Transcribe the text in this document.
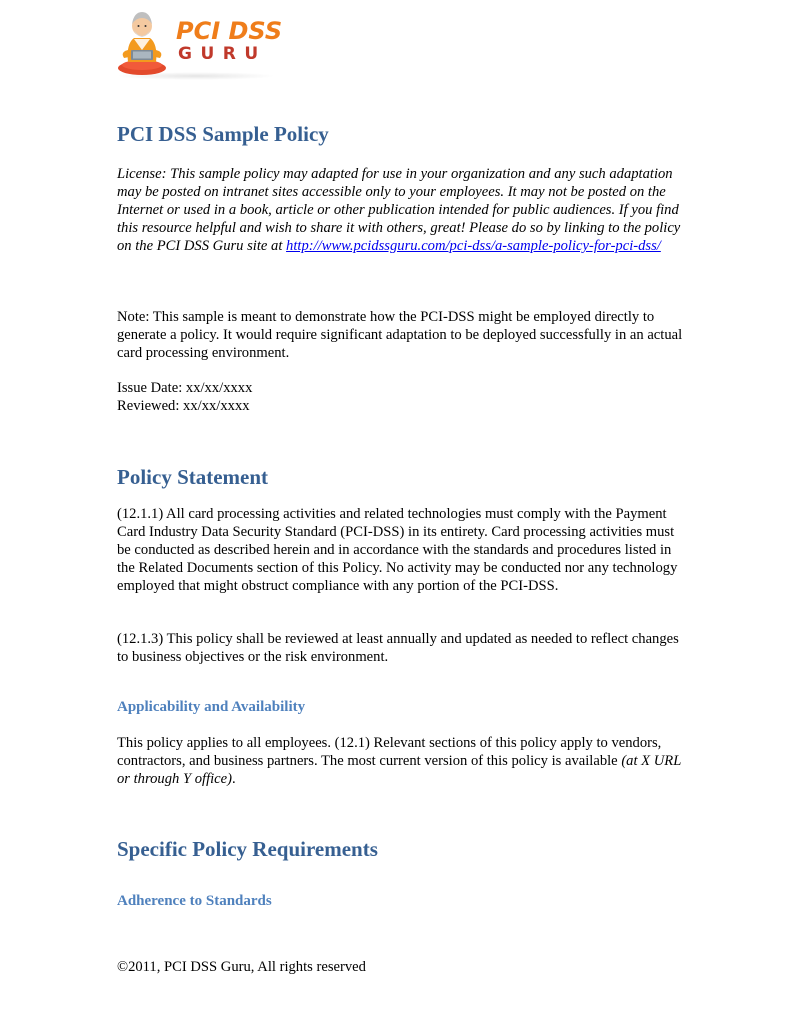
PCI DSS
GURU
PCI DSS Sample Policy

License: This sample policy may adapted for use in your organization and any such adaptation may be posted on intranet sites accessible only to your employees. It may not be posted on the Internet or used in a book, article or other publication intended for public audiences. If you find this resource helpful and wish to share it with others, great! Please do so by linking to the policy on the PCI DSS Guru site at http://www.pcidssguru.com/pci-dss/a-sample-policy-for-pci-dss/

Note: This sample is meant to demonstrate how the PCI-DSS might be employed directly to generate a policy. It would require significant adaptation to be deployed successfully in an actual card processing environment.

Issue Date: xx/xx/xxxx

Reviewed: xx/xx/xxxx

Policy Statement

(12.1.1) All card processing activities and related technologies must comply with the Payment Card Industry Data Security Standard (PCI-DSS) in its entirety. Card processing activities must be conducted as described herein and in accordance with the standards and procedures listed in the Related Documents section of this Policy. No activity may be conducted nor any technology employed that might obstruct compliance with any portion of the PCI-DSS.

(12.1.3) This policy shall be reviewed at least annually and updated as needed to reflect changes to business objectives or the risk environment.

Applicability and Availability

This policy applies to all employees. (12.1) Relevant sections of this policy apply to vendors, contractors, and business partners. The most current version of this policy is available (at X URL or through Y office).

Specific Policy Requirements
Adherence to Standards
©2011, PCI DSS Guru, All rights reserved
